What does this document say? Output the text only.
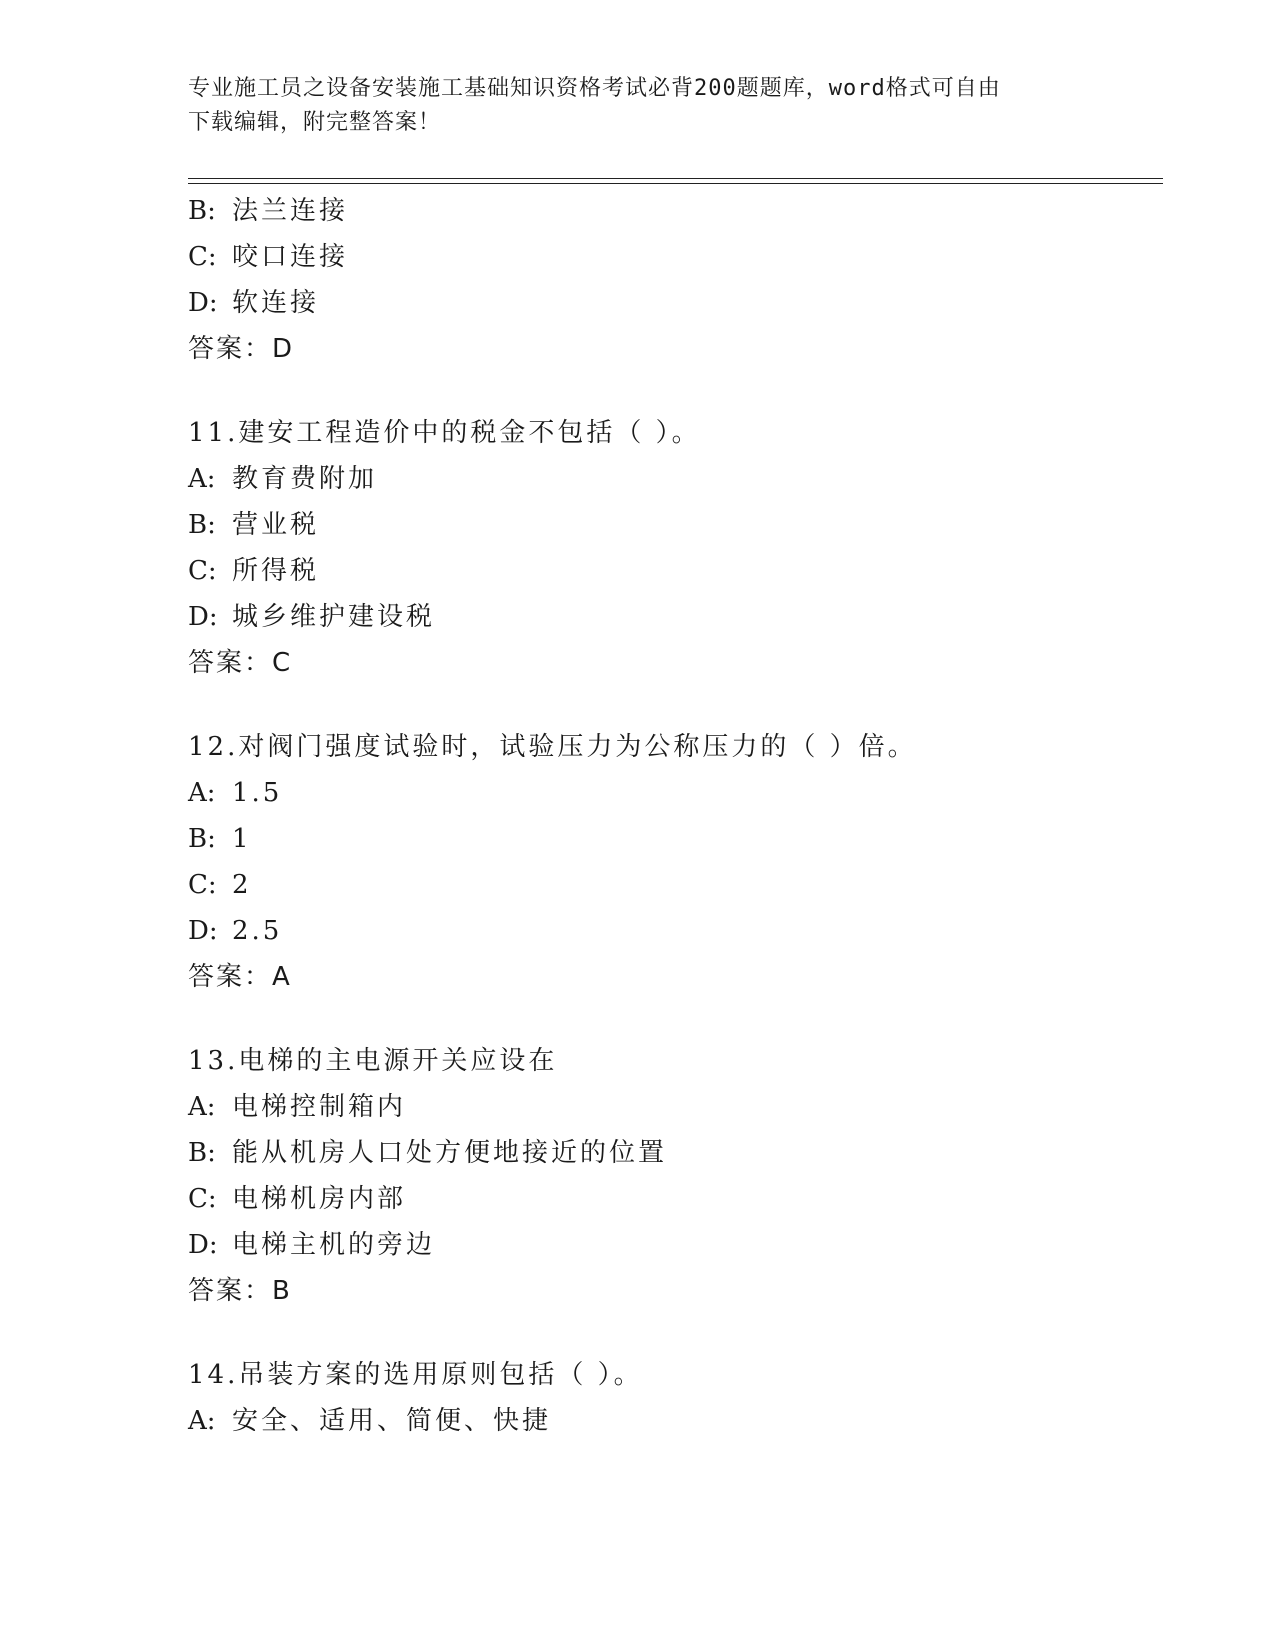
专业施工员之设备安装施工基础知识资格考试必背200题题库，word格式可自由
下载编辑，附完整答案！
B: 法兰连接
C: 咬口连接
D: 软连接
答案：D
11.建安工程造价中的税金不包括（ ）。
A: 教育费附加
B: 营业税
C: 所得税
D: 城乡维护建设税
答案：C
12.对阀门强度试验时，试验压力为公称压力的（ ）倍。
A: 1.5
B: 1
C: 2
D: 2.5
答案：A
13.电梯的主电源开关应设在
A: 电梯控制箱内
B: 能从机房人口处方便地接近的位置
C: 电梯机房内部
D: 电梯主机的旁边
答案：B
14.吊装方案的选用原则包括（ ）。
A: 安全、适用、简便、快捷
